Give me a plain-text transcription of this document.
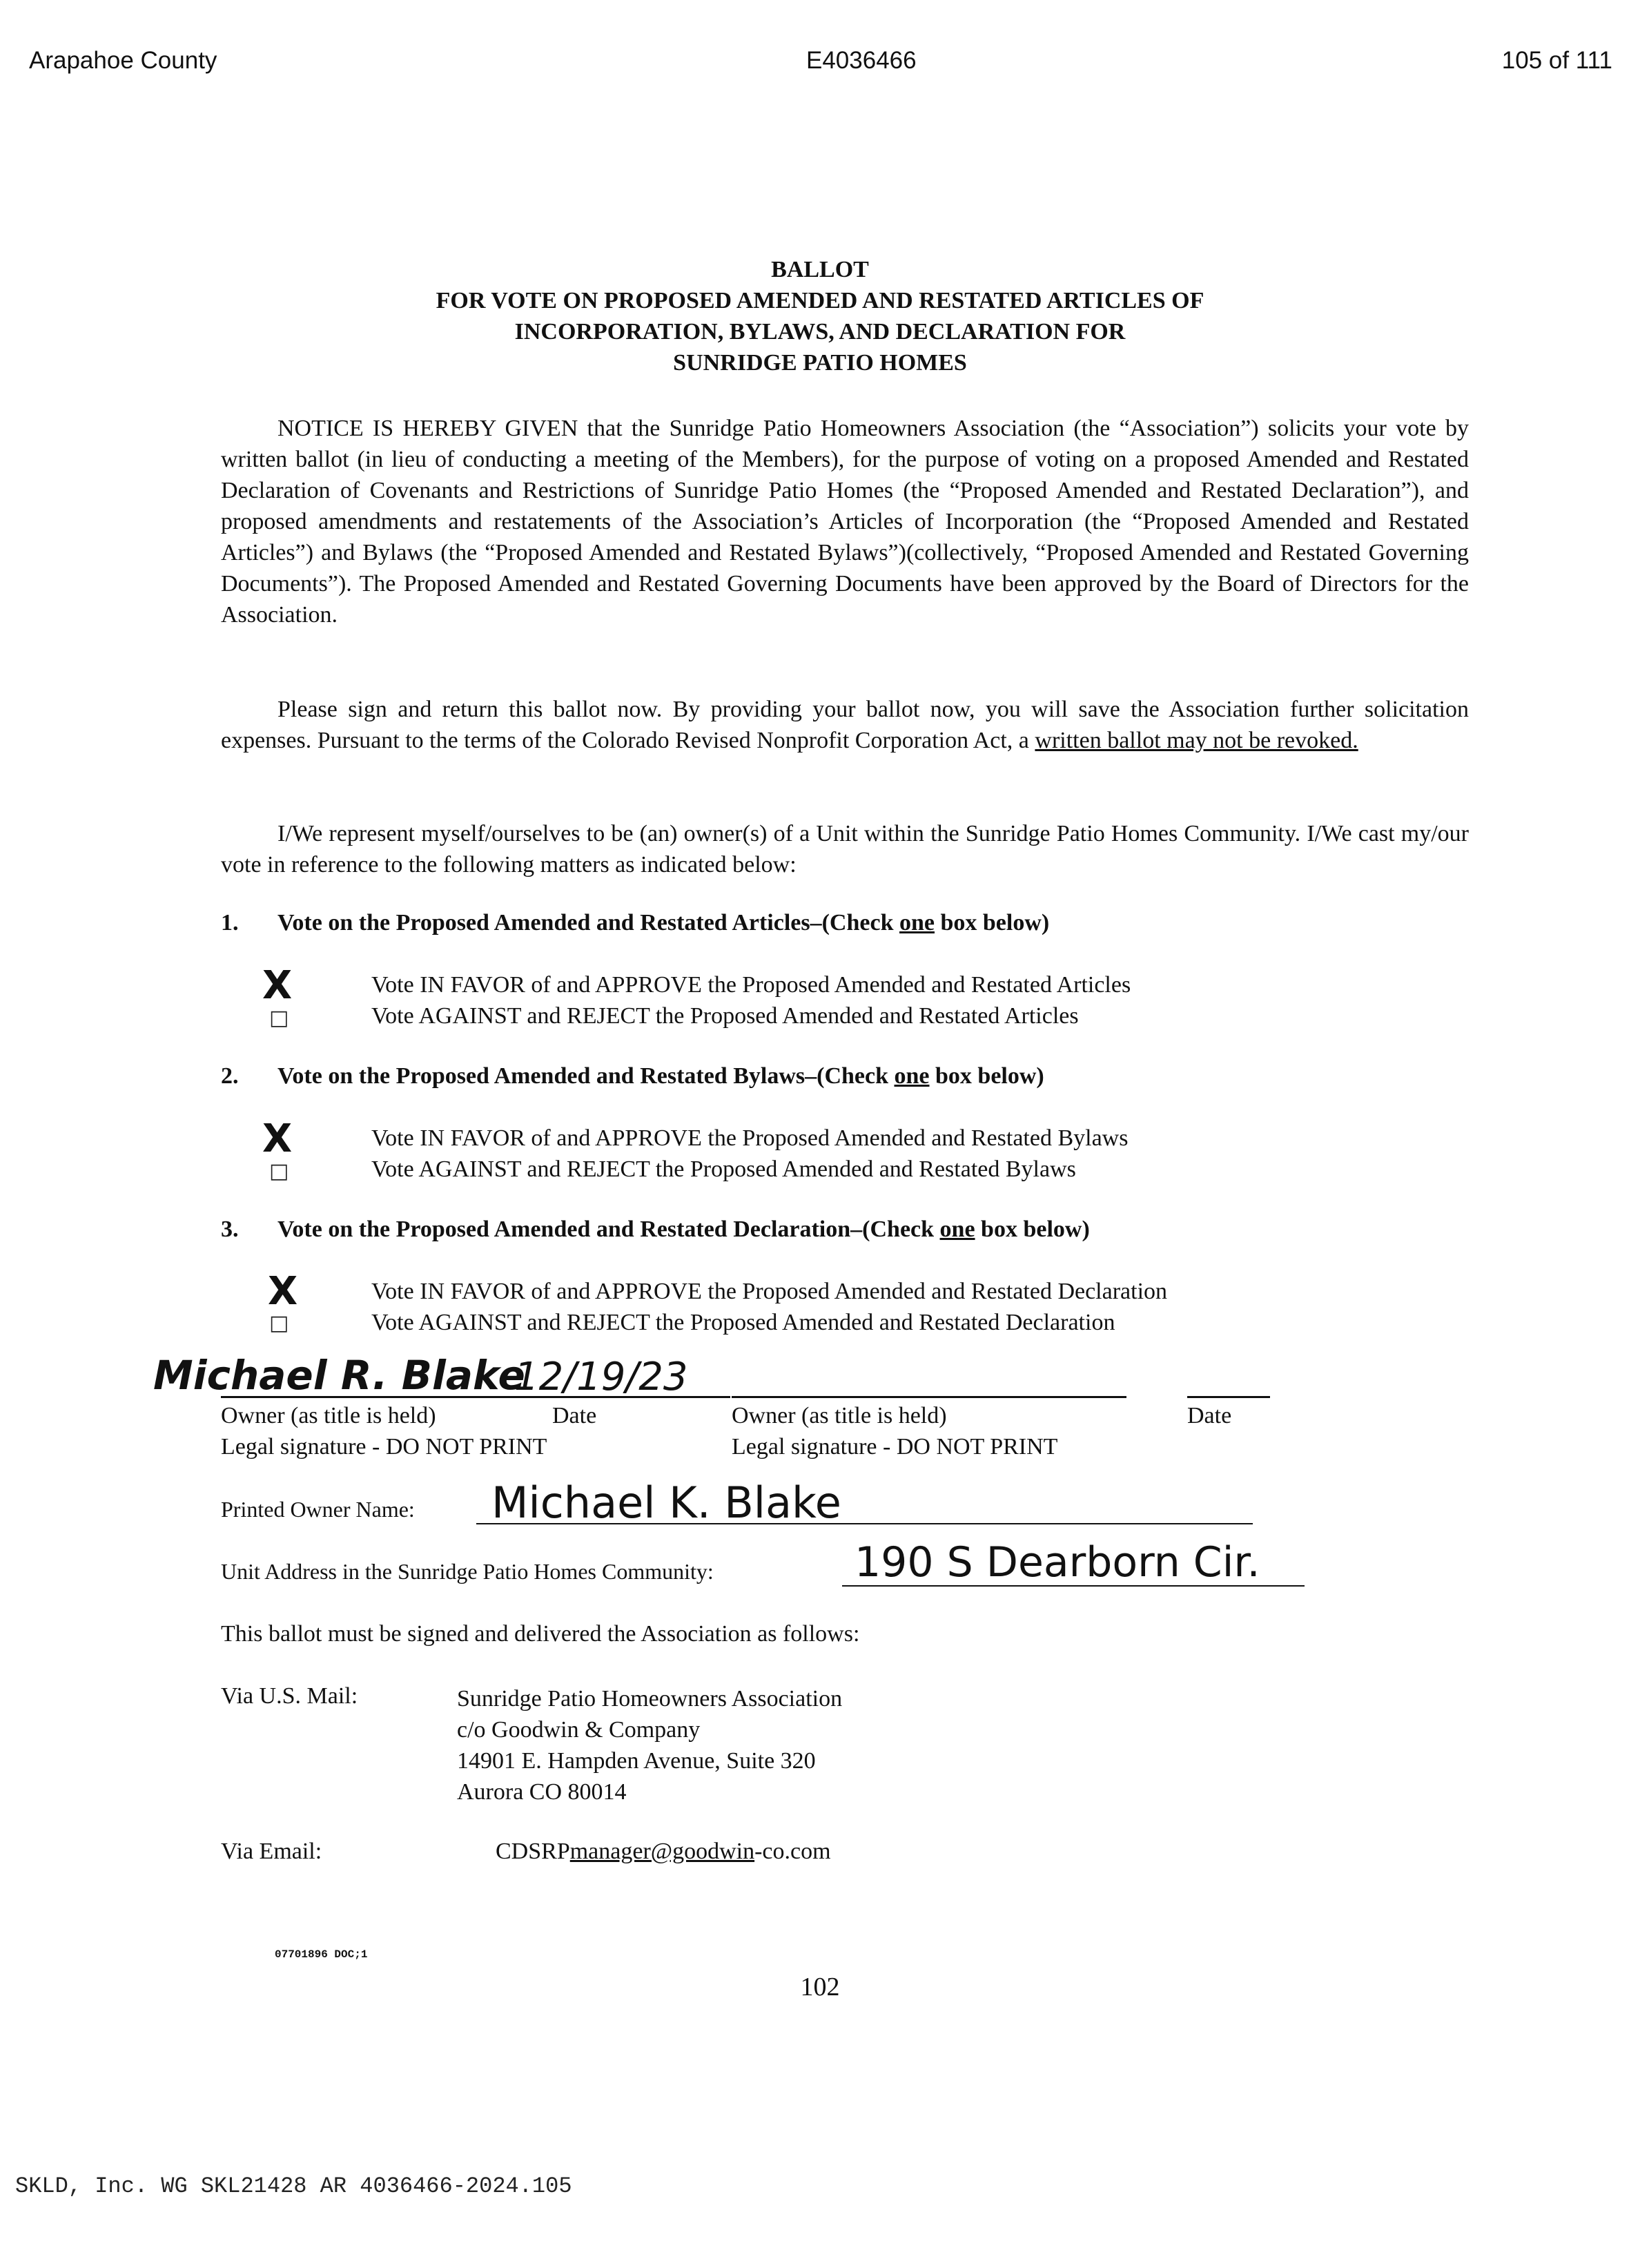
Arapahoe County	E4036466	105 of 111
BALLOT
FOR VOTE ON PROPOSED AMENDED AND RESTATED ARTICLES OF
INCORPORATION, BYLAWS, AND DECLARATION FOR
SUNRIDGE PATIO HOMES
NOTICE IS HEREBY GIVEN that the Sunridge Patio Homeowners Association (the “Association”) solicits your vote by written ballot (in lieu of conducting a meeting of the Members), for the purpose of voting on a proposed Amended and Restated Declaration of Covenants and Restrictions of Sunridge Patio Homes (the “Proposed Amended and Restated Declaration”), and proposed amendments and restatements of the Association’s Articles of Incorporation (the “Proposed Amended and Restated Articles”) and Bylaws (the “Proposed Amended and Restated Bylaws”)(collectively, “Proposed Amended and Restated Governing Documents”). The Proposed Amended and Restated Governing Documents have been approved by the Board of Directors for the Association.
Please sign and return this ballot now. By providing your ballot now, you will save the Association further solicitation expenses. Pursuant to the terms of the Colorado Revised Nonprofit Corporation Act, a written ballot may not be revoked.
I/We represent myself/ourselves to be (an) owner(s) of a Unit within the Sunridge Patio Homes Community. I/We cast my/our vote in reference to the following matters as indicated below:
1. Vote on the Proposed Amended and Restated Articles–(Check one box below)
X	Vote IN FAVOR of and APPROVE the Proposed Amended and Restated Articles
□	Vote AGAINST and REJECT the Proposed Amended and Restated Articles
2. Vote on the Proposed Amended and Restated Bylaws–(Check one box below)
X	Vote IN FAVOR of and APPROVE the Proposed Amended and Restated Bylaws
□	Vote AGAINST and REJECT the Proposed Amended and Restated Bylaws
3. Vote on the Proposed Amended and Restated Declaration–(Check one box below)
X	Vote IN FAVOR of and APPROVE the Proposed Amended and Restated Declaration
□	Vote AGAINST and REJECT the Proposed Amended and Restated Declaration
Michael R. Blake
12/19/23
Owner (as title is held)	Date	Owner (as title is held)	Date
Legal signature - DO NOT PRINT	Legal signature - DO NOT PRINT
Printed Owner Name: Michael K. Blake
Unit Address in the Sunridge Patio Homes Community:	190 S Dearborn Cir.
This ballot must be signed and delivered the Association as follows:
Via U.S. Mail:	Sunridge Patio Homeowners Association
c/o Goodwin & Company
14901 E. Hampden Avenue, Suite 320
Aurora CO 80014
Via Email:	CDSRPmanager@goodwin-co.com
07701896 DOC;1
102
SKLD, Inc. WG SKL21428 AR 4036466-2024.105
